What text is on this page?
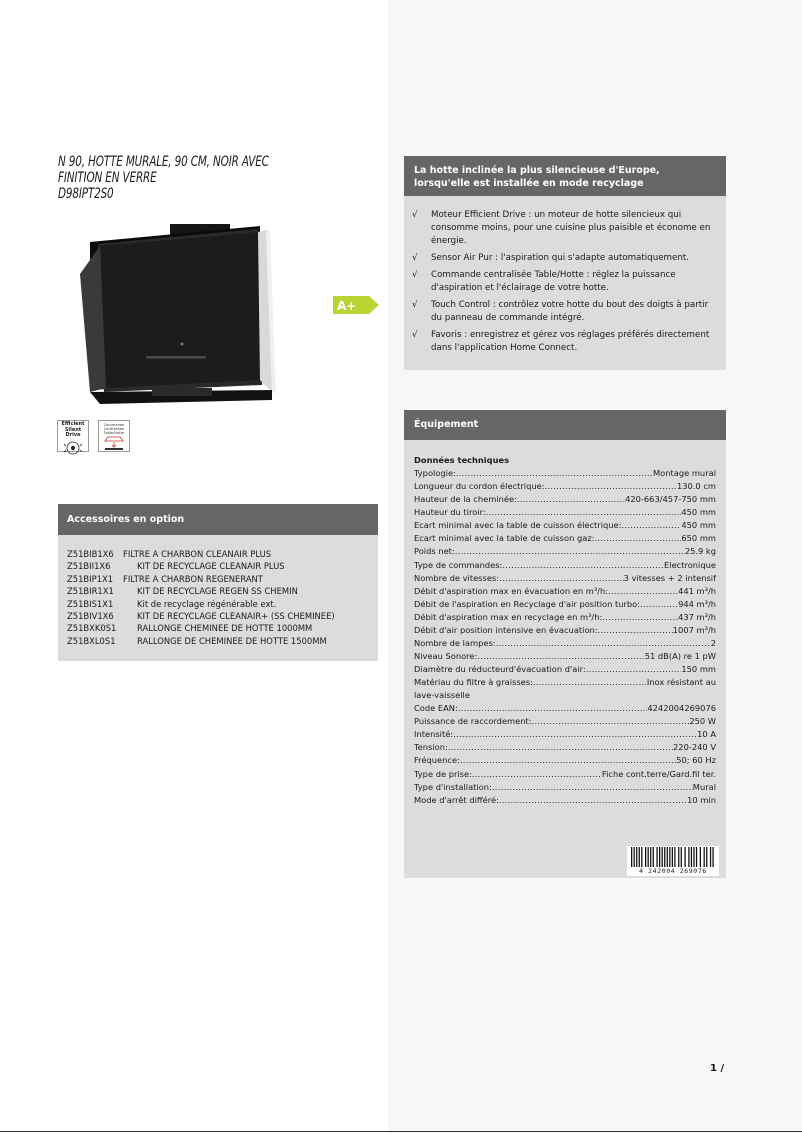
N 90, HOTTE MURALE, 90 CM, NOIR AVEC
FINITION EN VERRE
D98IPT2S0
A+
Efficient
Silent Drive
Commande
Centralisée
Table/Hotte
La hotte inclinée la plus silencieuse d'Europe, lorsqu'elle est installée en mode recyclage
√ Moteur Efficient Drive : un moteur de hotte silencieux qui consomme moins, pour une cuisine plus paisible et économe en énergie.
√ Sensor Air Pur : l'aspiration qui s'adapte automatiquement.
√ Commande centralisée Table/Hotte : réglez la puissance d'aspiration et l'éclairage de votre hotte.
√ Touch Control : contrôlez votre hotte du bout des doigts à partir du panneau de commande intégré.
√ Favoris : enregistrez et gérez vos réglages préférés directement dans l'application Home Connect.
Accessoires en option
Z51BIB1X6	FILTRE A CHARBON CLEANAIR PLUS
Z51BII1X6	KIT DE RECYCLAGE CLEANAIR PLUS
Z51BIP1X1	FILTRE A CHARBON REGENERANT
Z51BIR1X1	KIT DE RECYCLAGE REGEN SS CHEMIN
Z51BIS1X1	Kit de recyclage régénérable ext.
Z51BIV1X6	KIT DE RECYCLAGE CLEANAIR+ (SS CHEMINEE)
Z51BXK0S1	RALLONGE CHEMINEE DE HOTTE 1000MM
Z51BXL0S1	RALLONGE DE CHEMINEE DE HOTTE 1500MM
Équipement
Données techniques
Typologie: .....	Montage mural
Longueur du cordon électrique: .....	130.0 cm
Hauteur de la cheminée: .....	420-663/457-750 mm
Hauteur du tiroir: .....	450 mm
Ecart minimal avec la table de cuisson électrique: .....	450 mm
Ecart minimal avec la table de cuisson gaz: .....	650 mm
Poids net: .....	25.9 kg
Type de commandes: .....	Electronique
Nombre de vitesses: .....	3 vitesses + 2 intensif
Débit d'aspiration max en évacuation en m³/h: .....	441 m³/h
Débit de l'aspiration en Recyclage d'air position turbo: .....	944 m³/h
Débit d'aspiration max en recyclage en m³/h: .....	437 m³/h
Débit d'air position intensive en évacuation: .....	1007 m³/h
Nombre de lampes: .....	2
Niveau Sonore: .....	51 dB(A) re 1 pW
Diamètre du réducteurd'évacuation d'air: .....	150 mm
Matériau du filtre à graisses: .....	Inox résistant au
lave-vaisselle
Code EAN: .....	4242004269076
Puissance de raccordement: .....	250 W
Intensité: .....	10 A
Tension: .....	220-240 V
Fréquence: .....	50; 60 Hz
Type de prise: .....	Fiche cont.terre/Gard.fil ter.
Type d'installation: .....	Mural
Mode d'arrêt différé: .....	10 min
4 242004 269076
1 /
